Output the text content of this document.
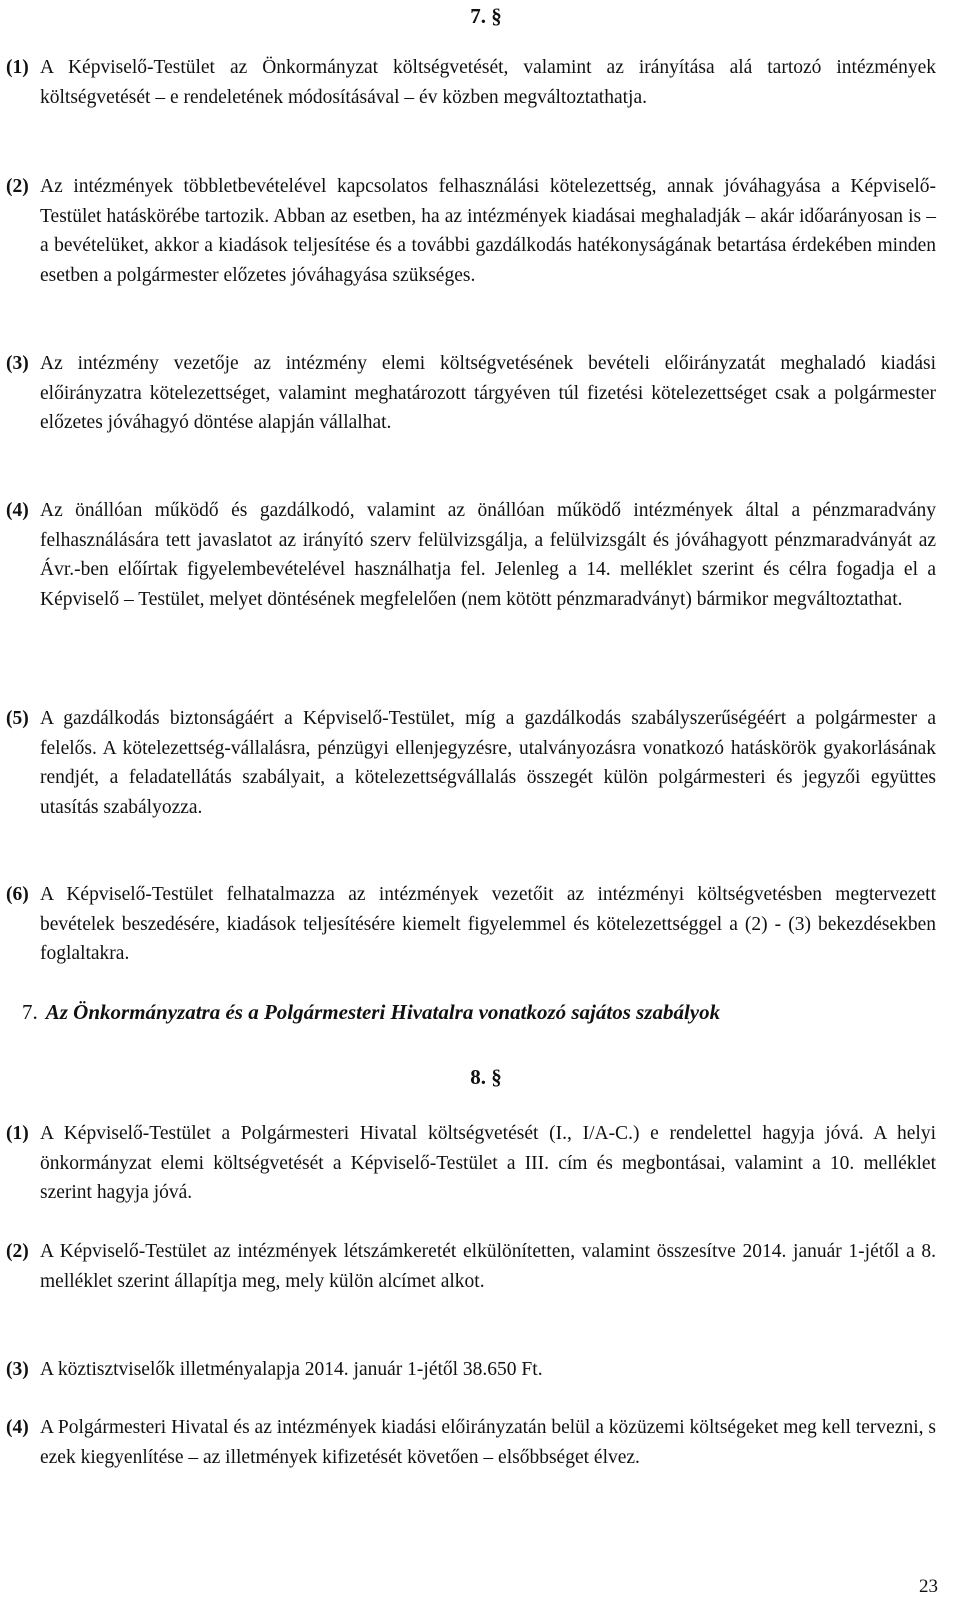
7. §
(1) A Képviselő-Testület az Önkormányzat költségvetését, valamint az irányítása alá tartozó intézmények költségvetését – e rendeletének módosításával – év közben megváltoztathatja.
(2) Az intézmények többletbevételével kapcsolatos felhasználási kötelezettség, annak jóváhagyása a Képviselő-Testület hatáskörébe tartozik. Abban az esetben, ha az intézmények kiadásai meghaladják – akár időarányosan is – a bevételüket, akkor a kiadások teljesítése és a további gazdálkodás hatékonyságának betartása érdekében minden esetben a polgármester előzetes jóváhagyása szükséges.
(3) Az intézmény vezetője az intézmény elemi költségvetésének bevételi előirányzatát meghaladó kiadási előirányzatra kötelezettséget, valamint meghatározott tárgyéven túl fizetési kötelezettséget csak a polgármester előzetes jóváhagyó döntése alapján vállalhat.
(4) Az önállóan működő és gazdálkodó, valamint az önállóan működő intézmények által a pénzmaradvány felhasználására tett javaslatot az irányító szerv felülvizsgálja, a felülvizsgált és jóváhagyott pénzmaradványát az Ávr.-ben előírtak figyelembevételével használhatja fel. Jelenleg a 14. melléklet szerint és célra fogadja el a Képviselő – Testület, melyet döntésének megfelelően (nem kötött pénzmaradványt) bármikor megváltoztathat.
(5) A gazdálkodás biztonságáért a Képviselő-Testület, míg a gazdálkodás szabályszerűségéért a polgármester a felelős. A kötelezettség-vállalásra, pénzügyi ellenjegyzésre, utalványozásra vonatkozó hatáskörök gyakorlásának rendjét, a feladatellátás szabályait, a kötelezettségvállalás összegét külön polgármesteri és jegyzői együttes utasítás szabályozza.
(6) A Képviselő-Testület felhatalmazza az intézmények vezetőit az intézményi költségvetésben megtervezett bevételek beszedésére, kiadások teljesítésére kiemelt figyelemmel és kötelezettséggel a (2) - (3) bekezdésekben foglaltakra.
7. Az Önkormányzatra és a Polgármesteri Hivatalra vonatkozó sajátos szabályok
8. §
(1) A Képviselő-Testület a Polgármesteri Hivatal költségvetését (I., I/A-C.) e rendelettel hagyja jóvá. A helyi önkormányzat elemi költségvetését a Képviselő-Testület a III. cím és megbontásai, valamint a 10. melléklet szerint hagyja jóvá.
(2) A Képviselő-Testület az intézmények létszámkeretét elkülönítetten, valamint összesítve 2014. január 1-jétől a 8. melléklet szerint állapítja meg, mely külön alcímet alkot.
(3) A köztisztviselők illetményalapja 2014. január 1-jétől 38.650 Ft.
(4) A Polgármesteri Hivatal és az intézmények kiadási előirányzatán belül a közüzemi költségeket meg kell tervezni, s ezek kiegyenlítése – az illetmények kifizetését követően – elsőbbséget élvez.
23
